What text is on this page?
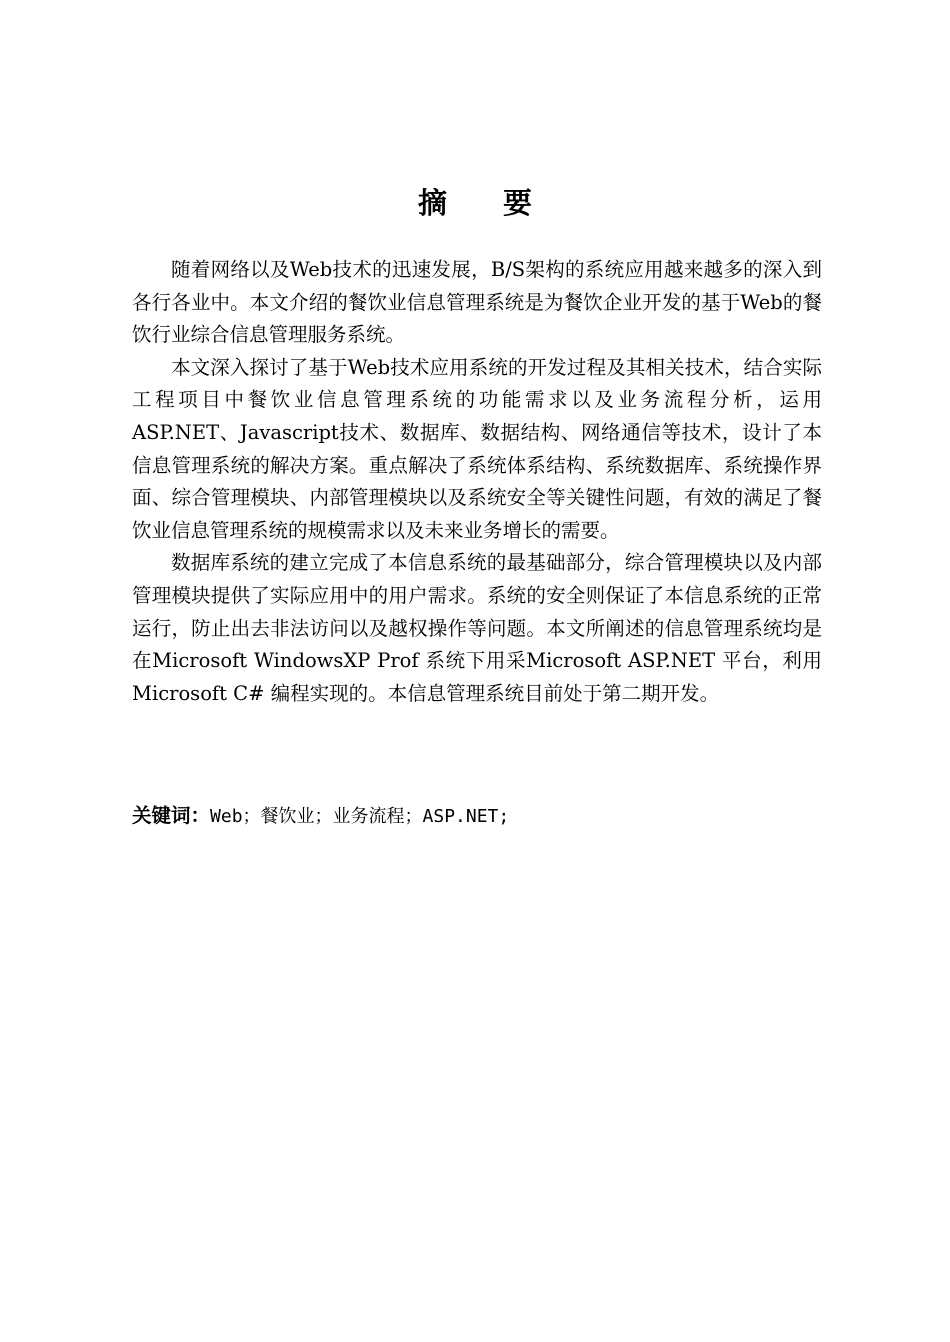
摘要

随着网络以及Web技术的迅速发展，B/S架构的系统应用越来越多的深入到各行各业中。本文介绍的餐饮业信息管理系统是为餐饮企业开发的基于Web的餐饮行业综合信息管理服务系统。

本文深入探讨了基于Web技术应用系统的开发过程及其相关技术，结合实际工程项目中餐饮业信息管理系统的功能需求以及业务流程分析，运用ASP.NET、Javascript技术、数据库、数据结构、网络通信等技术，设计了本信息管理系统的解决方案。重点解决了系统体系结构、系统数据库、系统操作界面、综合管理模块、内部管理模块以及系统安全等关键性问题，有效的满足了餐饮业信息管理系统的规模需求以及未来业务增长的需要。

数据库系统的建立完成了本信息系统的最基础部分，综合管理模块以及内部管理模块提供了实际应用中的用户需求。系统的安全则保证了本信息系统的正常运行，防止出去非法访问以及越权操作等问题。本文所阐述的信息管理系统均是在Microsoft WindowsXP Prof 系统下用采Microsoft ASP.NET 平台，利用Microsoft C# 编程实现的。本信息管理系统目前处于第二期开发。

关键词：Web；餐饮业；业务流程；ASP.NET;
